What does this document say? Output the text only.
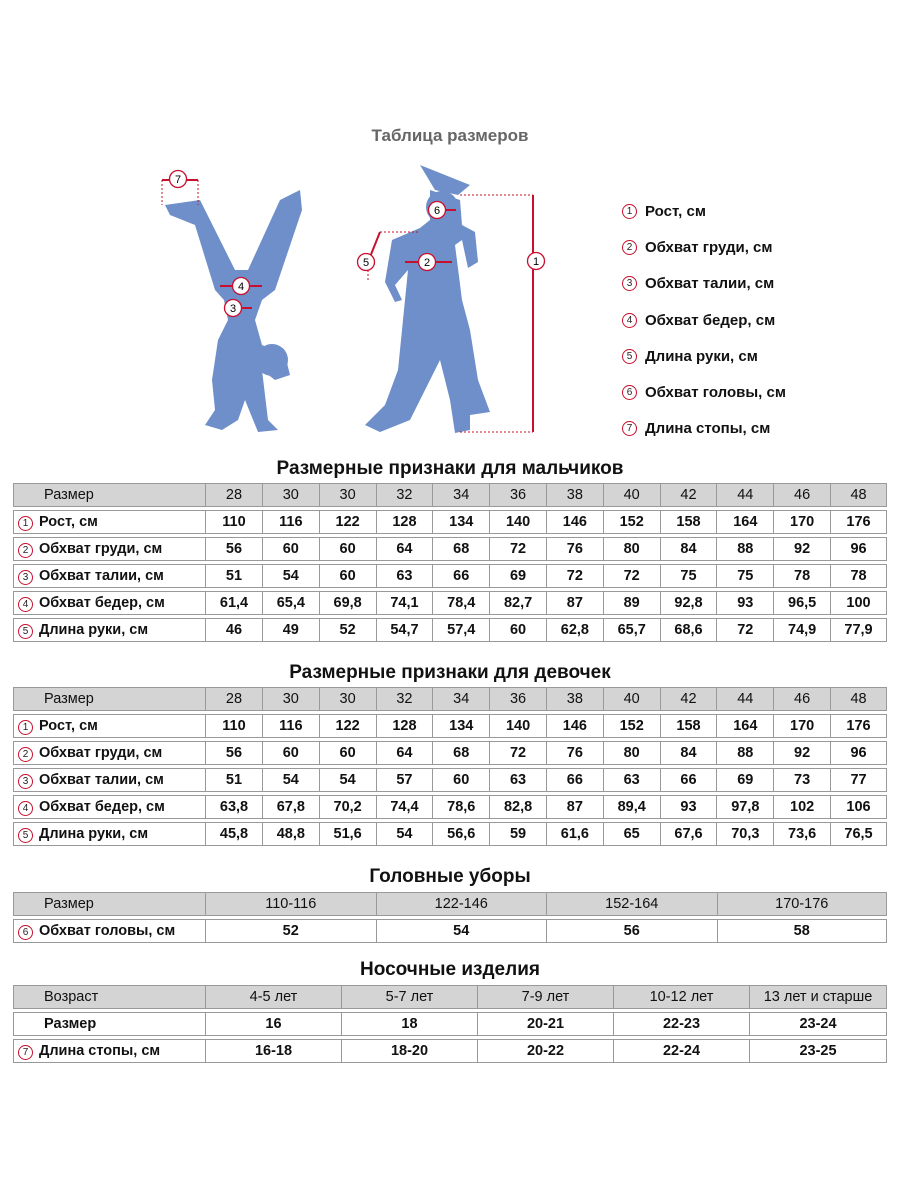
Таблица размеров
1
2
3
4
5
6
7
1 Рост, см
2 Обхват груди, см
3 Обхват талии, см
4 Обхват бедер, см
5 Длина руки, см
6 Обхват головы, см
7 Длина стопы, см
Размерные признаки для мальчиков
Размер	28	30	30	32	34	36	38	40	42	44	46	48
1 Рост, см	110	116	122	128	134	140	146	152	158	164	170	176
2 Обхват груди, см	56	60	60	64	68	72	76	80	84	88	92	96
3 Обхват талии, см	51	54	60	63	66	69	72	72	75	75	78	78
4 Обхват бедер, см	61,4	65,4	69,8	74,1	78,4	82,7	87	89	92,8	93	96,5	100
5 Длина руки, см	46	49	52	54,7	57,4	60	62,8	65,7	68,6	72	74,9	77,9
Размерные признаки для девочек
Размер	28	30	30	32	34	36	38	40	42	44	46	48
1 Рост, см	110	116	122	128	134	140	146	152	158	164	170	176
2 Обхват груди, см	56	60	60	64	68	72	76	80	84	88	92	96
3 Обхват талии, см	51	54	54	57	60	63	66	63	66	69	73	77
4 Обхват бедер, см	63,8	67,8	70,2	74,4	78,6	82,8	87	89,4	93	97,8	102	106
5 Длина руки, см	45,8	48,8	51,6	54	56,6	59	61,6	65	67,6	70,3	73,6	76,5
Головные уборы
Размер	110-116	122-146	152-164	170-176
6 Обхват головы, см	52	54	56	58
Носочные изделия
Возраст	4-5 лет	5-7 лет	7-9 лет	10-12 лет	13 лет и старше
Размер	16	18	20-21	22-23	23-24
7 Длина стопы, см	16-18	18-20	20-22	22-24	23-25
